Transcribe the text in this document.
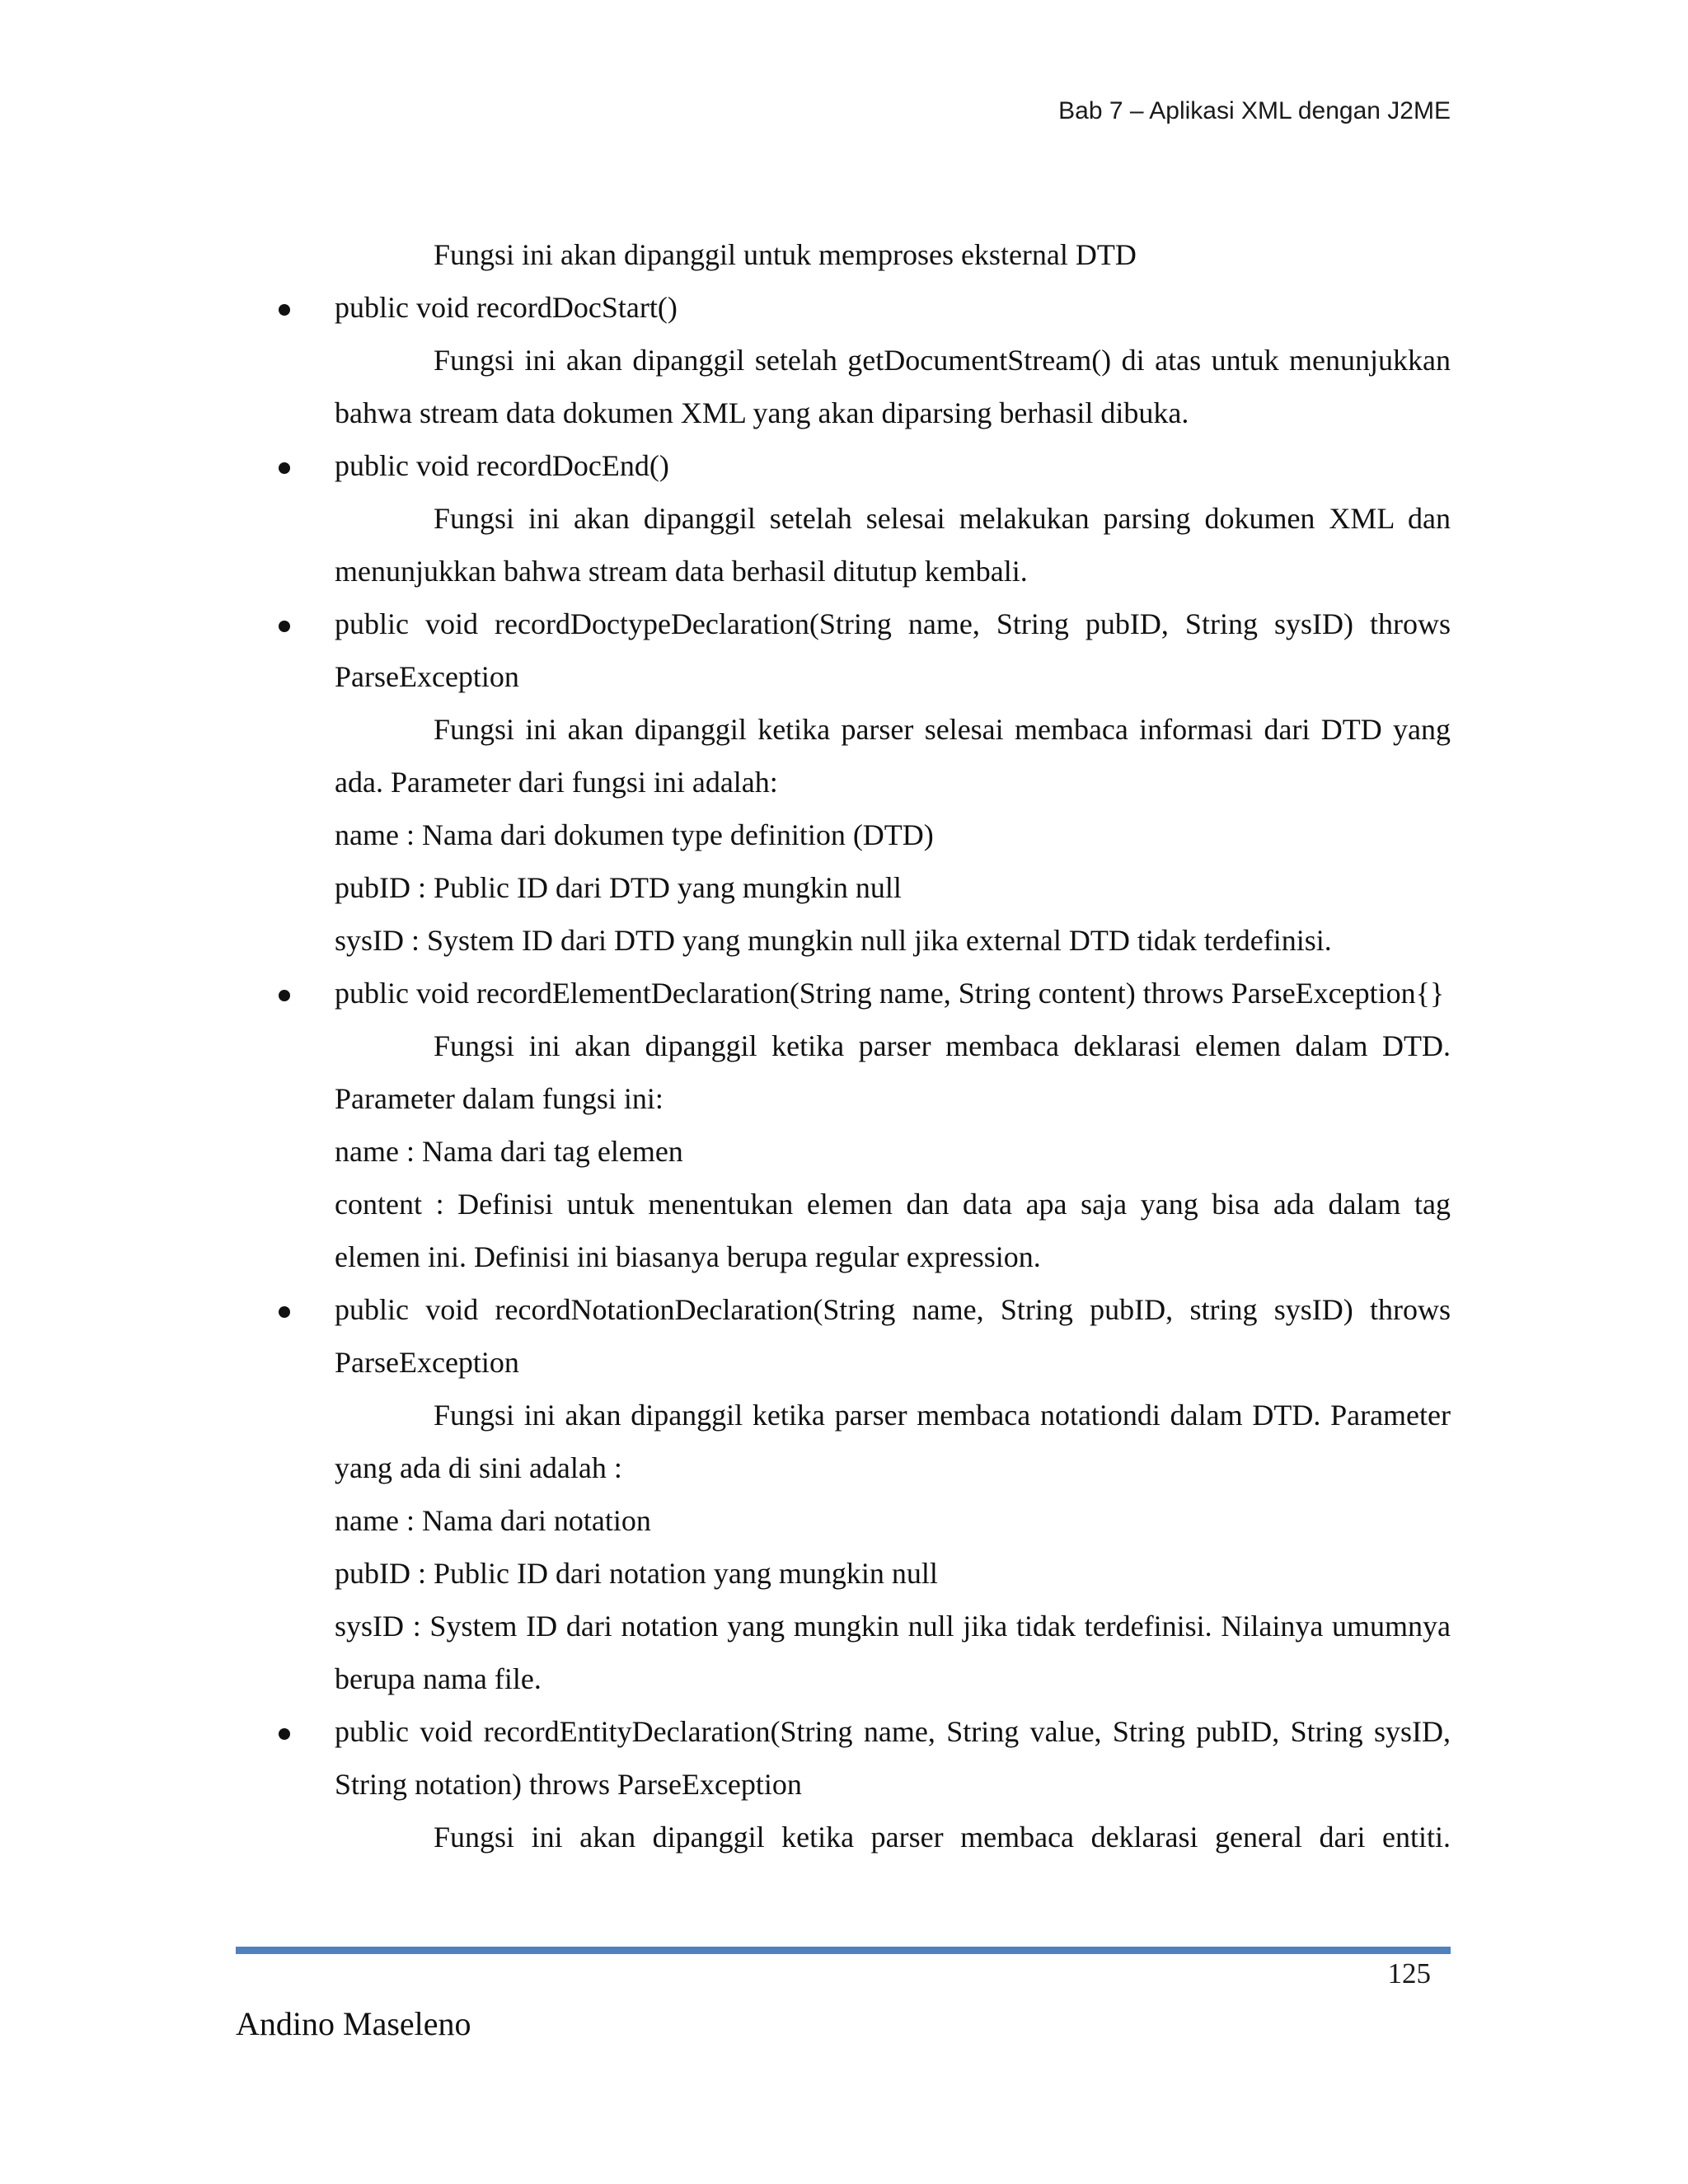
Bab 7 – Aplikasi XML dengan J2ME
Fungsi ini akan dipanggil untuk memproses eksternal DTD
public void recordDocStart()
Fungsi ini akan dipanggil setelah getDocumentStream() di atas untuk menunjukkan bahwa stream data dokumen XML yang akan diparsing berhasil dibuka.
public void recordDocEnd()
Fungsi ini akan dipanggil setelah selesai melakukan parsing dokumen XML dan menunjukkan bahwa stream data berhasil ditutup kembali.
public void recordDoctypeDeclaration(String name, String pubID, String sysID) throws ParseException
Fungsi ini akan dipanggil ketika parser selesai membaca informasi dari DTD yang ada. Parameter dari fungsi ini adalah:
name : Nama dari dokumen type definition (DTD)
pubID : Public ID dari DTD yang mungkin null
sysID : System ID dari DTD yang mungkin null jika external DTD tidak terdefinisi.
public void recordElementDeclaration(String name, String content) throws ParseException{}
Fungsi ini akan dipanggil ketika parser membaca deklarasi elemen dalam DTD. Parameter dalam fungsi ini:
name : Nama dari tag elemen
content : Definisi untuk menentukan elemen dan data apa saja yang bisa ada dalam tag elemen ini. Definisi ini biasanya berupa regular expression.
public void recordNotationDeclaration(String name, String pubID, string sysID) throws ParseException
Fungsi ini akan dipanggil ketika parser membaca notationdi dalam DTD. Parameter yang ada di sini adalah :
name : Nama dari notation
pubID : Public ID dari notation yang mungkin null
sysID : System ID dari notation yang mungkin null jika tidak terdefinisi. Nilainya umumnya berupa nama file.
public void recordEntityDeclaration(String name, String value, String pubID, String sysID, String notation) throws ParseException
Fungsi ini akan dipanggil ketika parser membaca deklarasi general dari entiti.
125
Andino Maseleno
